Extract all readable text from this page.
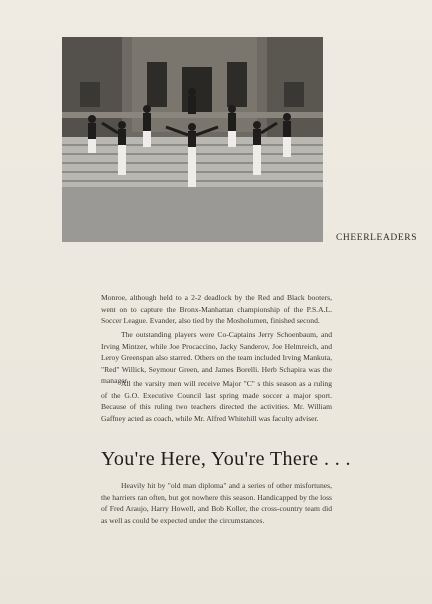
CHEERLEADERS

Monroe, although held to a 2-2 deadlock by the Red and Black booters, went on to capture the Bronx-Manhattan championship of the P.S.A.L. Soccer League. Evander, also tied by the Mosholumen, finished second.

The outstanding players were Co-Captains Jerry Schoenbaum, and Irving Mintzer, while Joe Procaccino, Jacky Sanderov, Joe Helmreich, and Leroy Greenspan also starred. Others on the team included Irving Mankuta, "Red" Willick, Seymour Green, and James Borelli. Herb Schapira was the manager.

All the varsity men will receive Major "C" s this season as a ruling of the G.O. Executive Council last spring made soccer a major sport. Because of this ruling two teachers directed the activities. Mr. William Gaffney acted as coach, while Mr. Alfred Whitehill was faculty adviser.

You're Here, You're There . . .

Heavily hit by "old man diploma" and a series of other misfortunes, the harriers ran often, but got nowhere this season. Handicapped by the loss of Fred Araujo, Harry Howell, and Bob Koller, the cross-country team did as well as could be expected under the circumstances.
